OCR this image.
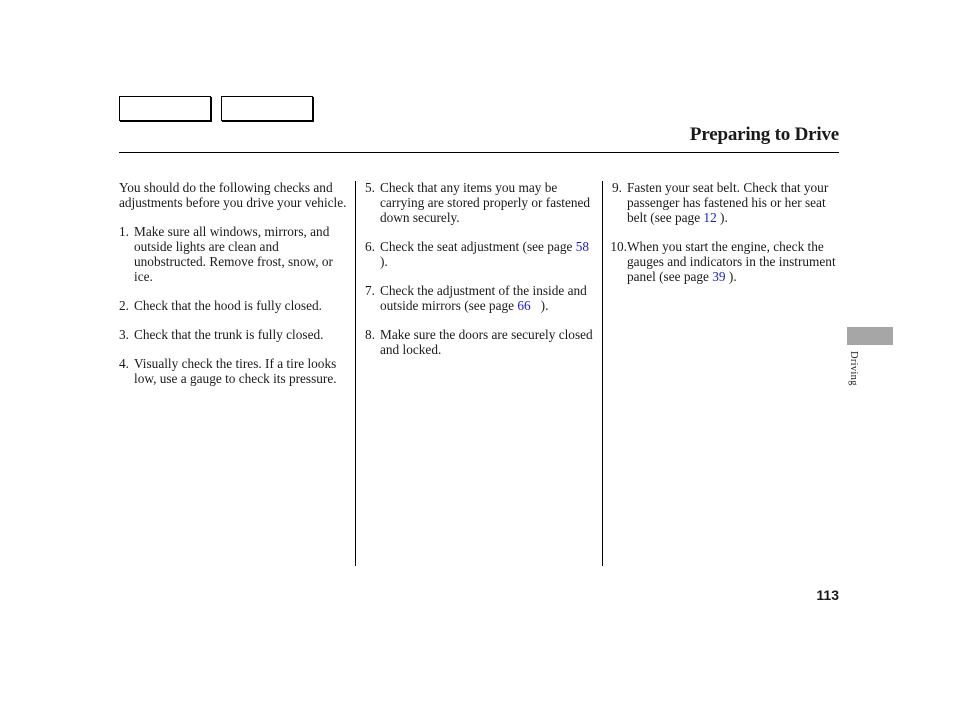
Preparing to Drive

You should do the following checks and adjustments before you drive your vehicle.

1. Make sure all windows, mirrors, and outside lights are clean and unobstructed. Remove frost, snow, or ice.
2. Check that the hood is fully closed.
3. Check that the trunk is fully closed.
4. Visually check the tires. If a tire looks low, use a gauge to check its pressure.
5. Check that any items you may be carrying are stored properly or fastened down securely.
6. Check the seat adjustment (see page 58   ).
7. Check the adjustment of the inside and outside mirrors (see page 66   ).
8. Make sure the doors are securely closed and locked.
9. Fasten your seat belt. Check that your passenger has fastened his or her seat belt (see page 12 ).
10. When you start the engine, check the gauges and indicators in the instrument panel (see page 39 ).
Driving
113
